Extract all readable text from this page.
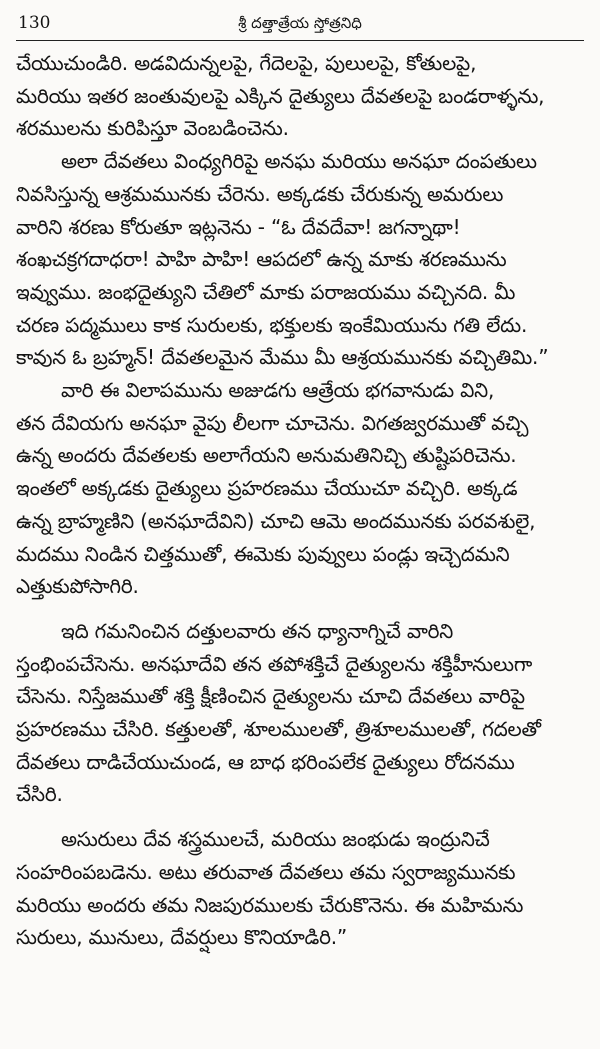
130	శ్రీ దత్తాత్రేయ స్తోత్రనిధి

చేయుచుండిరి. అడవిదున్నలపై, గేదెలపై, పులులపై, కోతులపై,
మరియు ఇతర జంతువులపై ఎక్కిన దైత్యులు దేవతలపై బండరాళ్ళను,
శరములను కురిపిస్తూ వెంబడించెను.

అలా దేవతలు వింధ్యగిరిపై అనఘ మరియు అనఘా దంపతులు
నివసిస్తున్న ఆశ్రమమునకు చేరెను. అక్కడకు చేరుకున్న అమరులు
వారిని శరణు కోరుతూ ఇట్లనెను - “ఓ దేవదేవా! జగన్నాథా!
శంఖచక్రగదాధరా! పాహి పాహి! ఆపదలో ఉన్న మాకు శరణమును
ఇవ్వుము. జంభదైత్యుని చేతిలో మాకు పరాజయము వచ్చినది. మీ
చరణ పద్మములు కాక సురులకు, భక్తులకు ఇంకేమియును గతి లేదు.
కావున ఓ బ్రహ్మన్! దేవతలమైన మేము మీ ఆశ్రయమునకు వచ్చితిమి.”

వారి ఈ విలాపమును అజుడగు ఆత్రేయ భగవానుడు విని,
తన దేవియగు అనఘా వైపు లీలగా చూచెను. విగతజ్వరముతో వచ్చి
ఉన్న అందరు దేవతలకు అలాగేయని అనుమతినిచ్చి తుష్టిపరిచెను.
ఇంతలో అక్కడకు దైత్యులు ప్రహరణము చేయుచూ వచ్చిరి. అక్కడ
ఉన్న బ్రాహ్మణిని (అనఘాదేవిని) చూచి ఆమె అందమునకు పరవశులై,
మదము నిండిన చిత్తముతో, ఈమెకు పువ్వులు పండ్లు ఇచ్చెదమని
ఎత్తుకుపోసాగిరి.

ఇది గమనించిన దత్తులవారు తన ధ్యానాగ్నిచే వారిని
స్తంభింపచేసెను. అనఘాదేవి తన తపోశక్తిచే దైత్యులను శక్తిహీనులుగా
చేసెను. నిస్తేజముతో శక్తి క్షీణించిన దైత్యులను చూచి దేవతలు వారిపై
ప్రహరణము చేసిరి. కత్తులతో, శూలములతో, త్రిశూలములతో, గదలతో
దేవతలు దాడిచేయుచుండ, ఆ బాధ భరింపలేక దైత్యులు రోదనము
చేసిరి.

అసురులు దేవ శస్త్రములచే, మరియు జంభుడు ఇంద్రునిచే
సంహరింపబడెను. అటు తరువాత దేవతలు తమ స్వరాజ్యమునకు
మరియు అందరు తమ నిజపురములకు చేరుకొనెను. ఈ మహిమను
సురులు, మునులు, దేవర్షులు కొనియాడిరి.”
